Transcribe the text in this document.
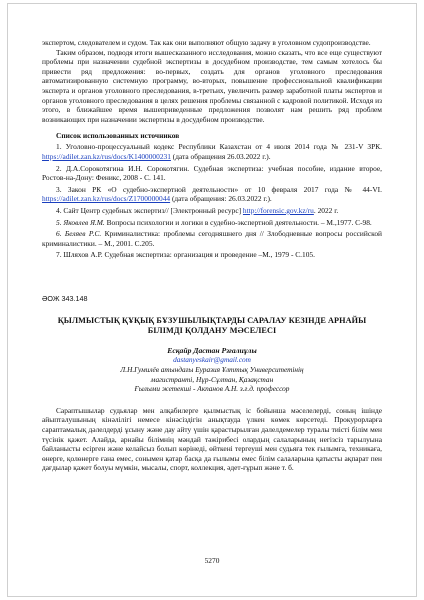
экспертом, следователем и судом. Так как они выполняют общую задачу в уголовном судопроизводстве.

Таким образом, подводя итоги вышесказанного исследования, можно сказать, что все еще существуют проблемы при назначении судебной экспертизы в досудебном производстве, тем самым хотелось бы привести ряд предложения: во-первых, создать для органов уголовного преследования автоматизированную системную программу, во-вторых, повышение профессиональной квалификации эксперта и органов уголовного преследования, в-третьих, увеличить размер заработной платы экспертов и органов уголовного преследования в целях решения проблемы связанной с кадровой политикой. Исходя из этого, в ближайшее время вышеприведенные предложения позволят нам решить ряд проблем возникающих при назначении экспертизы в досудебном производстве.

Список использованных источников

1. Уголовно-процессуальный кодекс Республики Казахстан от 4 июля 2014 года № 231-V ЗРК. https://adilet.zan.kz/rus/docs/K1400000231 (дата обращения 26.03.2022 г.).

2. Д.А.Сорокотягина И.Н. Сорокотягин. Судебная экспертиза: учебная пособие, издание второе, Ростов-на-Дону: Феникс, 2008 - С. 141.

3. Закон РК «О судебно-экспертной деятельности» от 10 февраля 2017 года № 44-VI. https://adilet.zan.kz/rus/docs/Z1700000044 (дата обращения: 26.03.2022 г.).

4. Сайт Центр судебных экспертиз// [Электронный ресурс] http://forensic.gov.kz/ru. 2022 г.

5. Яковлев Я.М. Вопросы психологии и логики в судебно-экспертной деятельности. – М.,1977. С-98.

6. Беляев Р.С. Криминалистика: проблемы сегодняшнего дня // Злободневные вопросы российской криминалистики. – М., 2001. С.205.

7. Шляхов А.Р. Судебная экспертиза: организация и проведение –М., 1979 - С.105.

ӘОЖ 343.148
ҚЫЛМЫСТЫҚ ҚҰҚЫҚ БҰЗУШЫЛЫҚТАРДЫ САРАЛАУ КЕЗІНДЕ АРНАЙЫ БІЛІМДІ ҚОЛДАНУ МӘСЕЛЕСІ
Есқайр Дастан Рзғалиұлы
dastanyeskair@gmail.com
Л.Н.Гумилёв атындағы Еуразия Ұлттық Университетінің
магистранті, Нұр-Сұлтан, Қазақстан
Ғылыми жетекші - Акпанов А.Н. з.ғ.д. профессор

Сараптышылар судьялар мен алқабилерге қылмыстық іс бойынша мәселелерді, соның ішінде айыпталушының кінәлілігі немесе кінәсіздігін анықтауда үлкен көмек көрсетеді. Прокурорларға сараптамалық дәлелдерді ұсыну және дау айту үшін қарастырылған дәлелдемелер туралы тиісті білім мен түсінік қажет. Алайда, арнайы білімнің мәндай тәжірибесі олардың салаларының негізсіз тарылуына байланысты есірген және келайсыз болып көрінеді, өйткені тергеуші мен судьяға тек ғылымға, техникаға, өнерге, қолөнерге ғана емес, сонымен қатар басқа да ғылымы емес білім салаларына қатысты ақпарат пен дағдылар қажет болуы мүмкін, мысалы, спорт, коллекция, әдет-ғұрып және т. б.

5270
